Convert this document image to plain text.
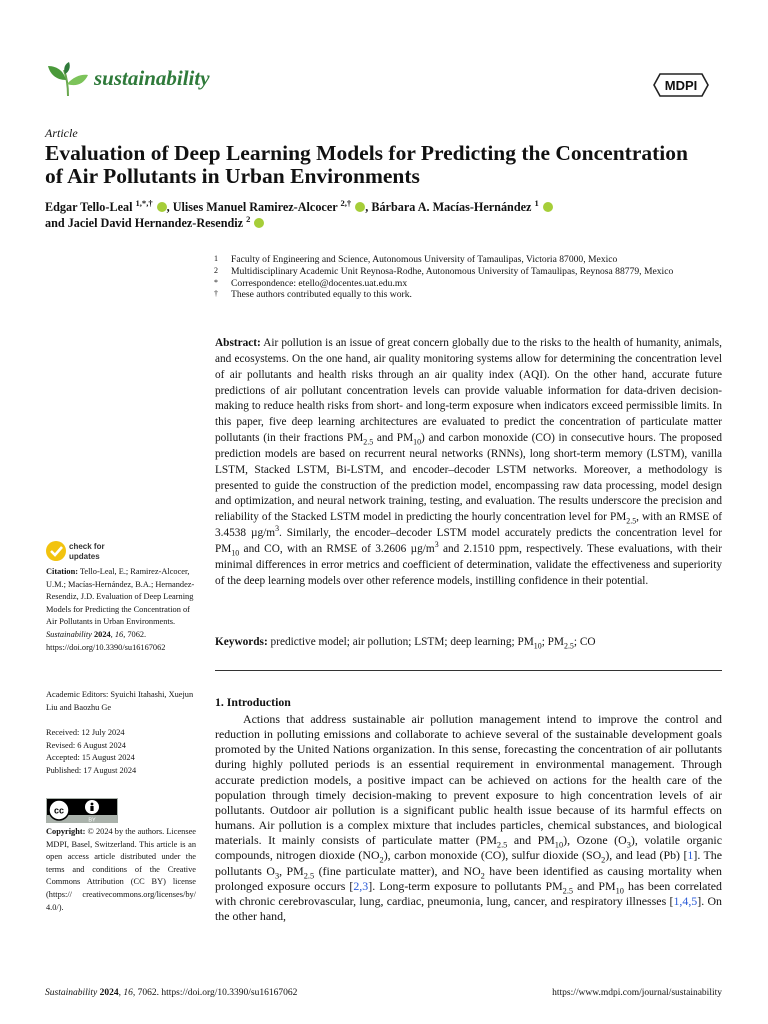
sustainability	MDPI
Article
Evaluation of Deep Learning Models for Predicting the Concentration of Air Pollutants in Urban Environments
Edgar Tello-Leal $^{1,*,\dagger}$ , Ulises Manuel Ramirez-Alcocer $^{2,\dagger}$ , Bárbara A. Macías-Hernández $^1$
and Jaciel David Hernandez-Resendiz $^2$
1 Faculty of Engineering and Science, Autonomous University of Tamaulipas, Victoria 87000, Mexico
2 Multidisciplinary Academic Unit Reynosa-Rodhe, Autonomous University of Tamaulipas, Reynosa 88779, Mexico
* Correspondence: etello@docentes.uat.edu.mx
† These authors contributed equally to this work.
Abstract: Air pollution is an issue of great concern globally due to the risks to the health of humanity, animals, and ecosystems. On the one hand, air quality monitoring systems allow for determining the concentration level of air pollutants and health risks through an air quality index (AQI). On the other hand, accurate future predictions of air pollutant concentration levels can provide valuable information for data-driven decision-making to reduce health risks from short- and long-term exposure when indicators exceed permissible limits. In this paper, five deep learning architectures are evaluated to predict the concentration of particulate matter pollutants (in their fractions $PM_{2.5}$ and $PM_{10}$) and carbon monoxide (CO) in consecutive hours. The proposed prediction models are based on recurrent neural networks (RNNs), long short-term memory (LSTM), vanilla LSTM, Stacked LSTM, Bi-LSTM, and encoder–decoder LSTM networks. Moreover, a methodology is presented to guide the construction of the prediction model, encompassing raw data processing, model design and optimization, and neural network training, testing, and evaluation. The results underscore the precision and reliability of the Stacked LSTM model in predicting the hourly concentration level for $PM_{2.5}$, with an RMSE of 3.4538 $\mu g/m^3$. Similarly, the encoder–decoder LSTM model accurately predicts the concentration level for $PM_{10}$ and CO, with an RMSE of 3.2606 $\mu g/m^3$ and 2.1510 ppm, respectively. These evaluations, with their minimal differences in error metrics and coefficient of determination, validate the effectiveness and superiority of the deep learning models over other reference models, instilling confidence in their potential.
Keywords: predictive model; air pollution; LSTM; deep learning; $PM_{10}$; $PM_{2.5}$; CO
1. Introduction

Actions that address sustainable air pollution management intend to improve the control and reduction in polluting emissions and collaborate to achieve several of the sustainable development goals promoted by the United Nations organization. In this sense, forecasting the concentration of air pollutants during highly polluted periods is an essential requirement in environmental management. Through accurate prediction models, a positive impact can be achieved on actions for the health care of the population through timely decision-making to prevent exposure to high concentration levels of air pollutants. Outdoor air pollution is a significant public health issue because of its harmful effects on humans. Air pollution is a complex mixture that includes particles, chemical substances, and biological materials. It mainly consists of particulate matter ($PM_{2.5}$ and $PM_{10}$), Ozone $(O_3)$, volatile organic compounds, nitrogen dioxide $(NO_2)$, carbon monoxide (CO), sulfur dioxide $(SO_2)$, and lead (Pb) [1]. The pollutants $O_3$, $PM_{2.5}$ (fine particulate matter), and $NO_2$ have been identified as causing mortality when prolonged exposure occurs [2,3]. Long-term exposure to pollutants $PM_{2.5}$ and $PM_{10}$ has been correlated with chronic cerebrovascular, lung, cardiac, pneumonia, lung, cancer, and respiratory illnesses [1,4,5]. On the other hand,

check for
updates
Citation: Tello-Leal, E.; Ramirez-Alcocer, U.M.; Macías-Hernández, B.A.; Hernandez-Resendiz, J.D. Evaluation of Deep Learning Models for Predicting the Concentration of Air Pollutants in Urban Environments. Sustainability 2024, 16, 7062. https://doi.org/10.3390/su16167062
Academic Editors: Syuichi Itahashi, Xuejun Liu and Baozhu Ge
Received: 12 July 2024
Revised: 6 August 2024
Accepted: 15 August 2024
Published: 17 August 2024
cc
BY
Copyright: © 2024 by the authors. Licensee MDPI, Basel, Switzerland. This article is an open access article distributed under the terms and conditions of the Creative Commons Attribution (CC BY) license (https:// creativecommons.org/licenses/by/ 4.0/).
Sustainability 2024, 16, 7062. https://doi.org/10.3390/su16167062	https://www.mdpi.com/journal/sustainability
